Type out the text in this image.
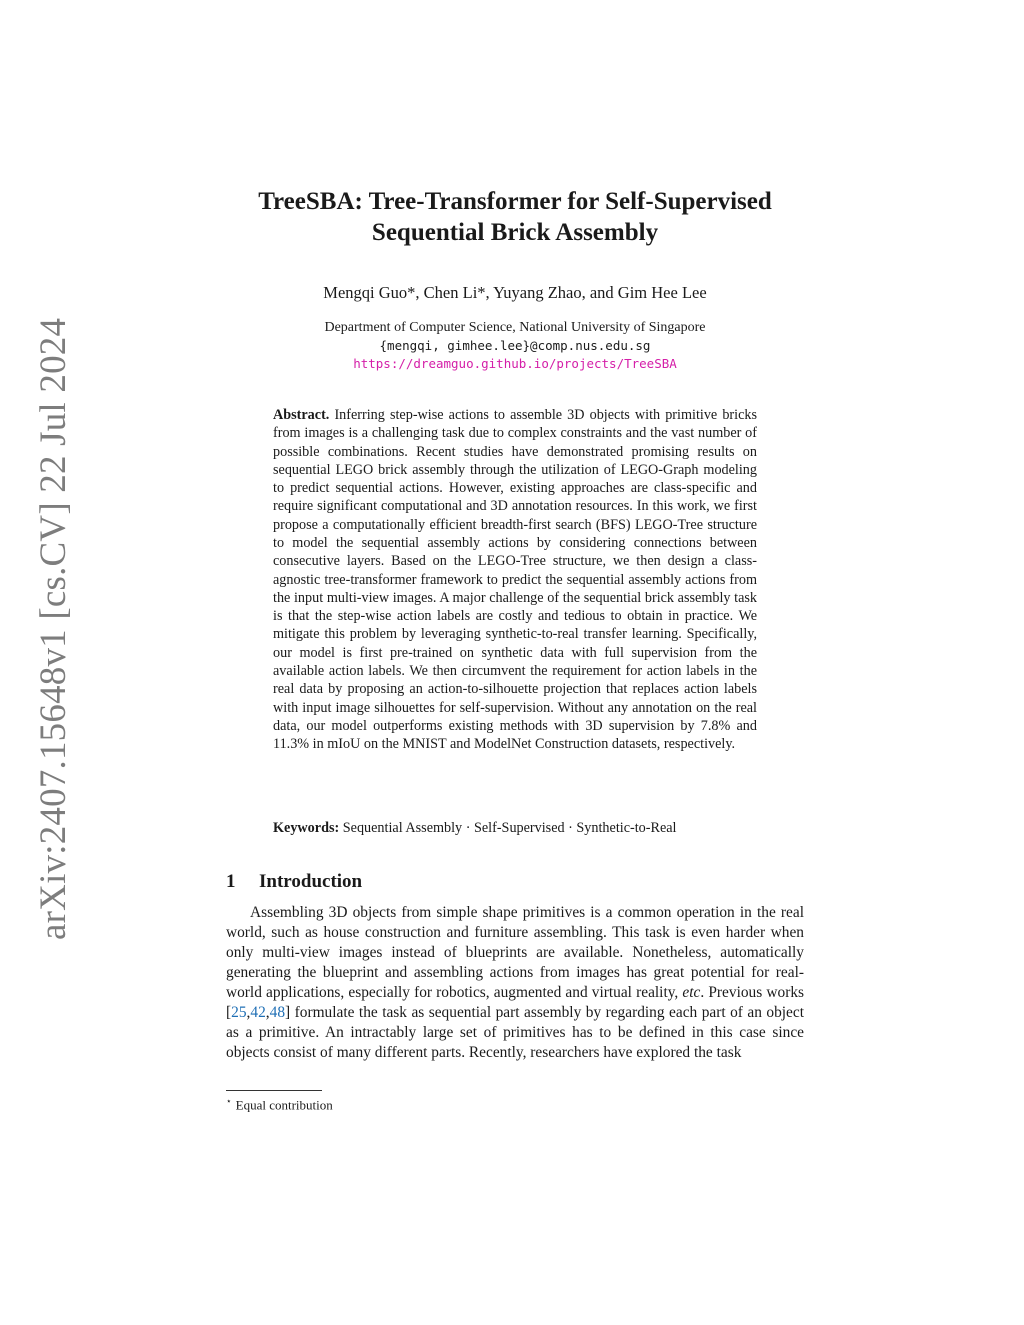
arXiv:2407.15648v1 [cs.CV] 22 Jul 2024
TreeSBA: Tree-Transformer for Self-Supervised
Sequential Brick Assembly
Mengqi Guo*, Chen Li*, Yuyang Zhao, and Gim Hee Lee
Department of Computer Science, National University of Singapore
{mengqi, gimhee.lee}@comp.nus.edu.sg
https://dreamguo.github.io/projects/TreeSBA
Abstract. Inferring step-wise actions to assemble 3D objects with primitive bricks from images is a challenging task due to complex constraints and the vast number of possible combinations. Recent studies have demonstrated promising results on sequential LEGO brick assembly through the utilization of LEGO-Graph modeling to predict sequential actions. However, existing approaches are class-specific and require significant computational and 3D annotation resources. In this work, we first propose a computationally efficient breadth-first search (BFS) LEGO-Tree structure to model the sequential assembly actions by considering connections between consecutive layers. Based on the LEGO-Tree structure, we then design a class-agnostic tree-transformer framework to predict the sequential assembly actions from the input multi-view images. A major challenge of the sequential brick assembly task is that the step-wise action labels are costly and tedious to obtain in practice. We mitigate this problem by leveraging synthetic-to-real transfer learning. Specifically, our model is first pre-trained on synthetic data with full supervision from the available action labels. We then circumvent the requirement for action labels in the real data by proposing an action-to-silhouette projection that replaces action labels with input image silhouettes for self-supervision. Without any annotation on the real data, our model outperforms existing methods with 3D supervision by 7.8% and 11.3% in mIoU on the MNIST and ModelNet Construction datasets, respectively.
Keywords: Sequential Assembly · Self-Supervised · Synthetic-to-Real
1 Introduction
Assembling 3D objects from simple shape primitives is a common operation in the real world, such as house construction and furniture assembling. This task is even harder when only multi-view images instead of blueprints are available. Nonetheless, automatically generating the blueprint and assembling actions from images has great potential for real-world applications, especially for robotics, augmented and virtual reality, etc. Previous works [25,42,48] formulate the task as sequential part assembly by regarding each part of an object as a primitive. An intractably large set of primitives has to be defined in this case since objects consist of many different parts. Recently, researchers have explored the task
⋆ Equal contribution
